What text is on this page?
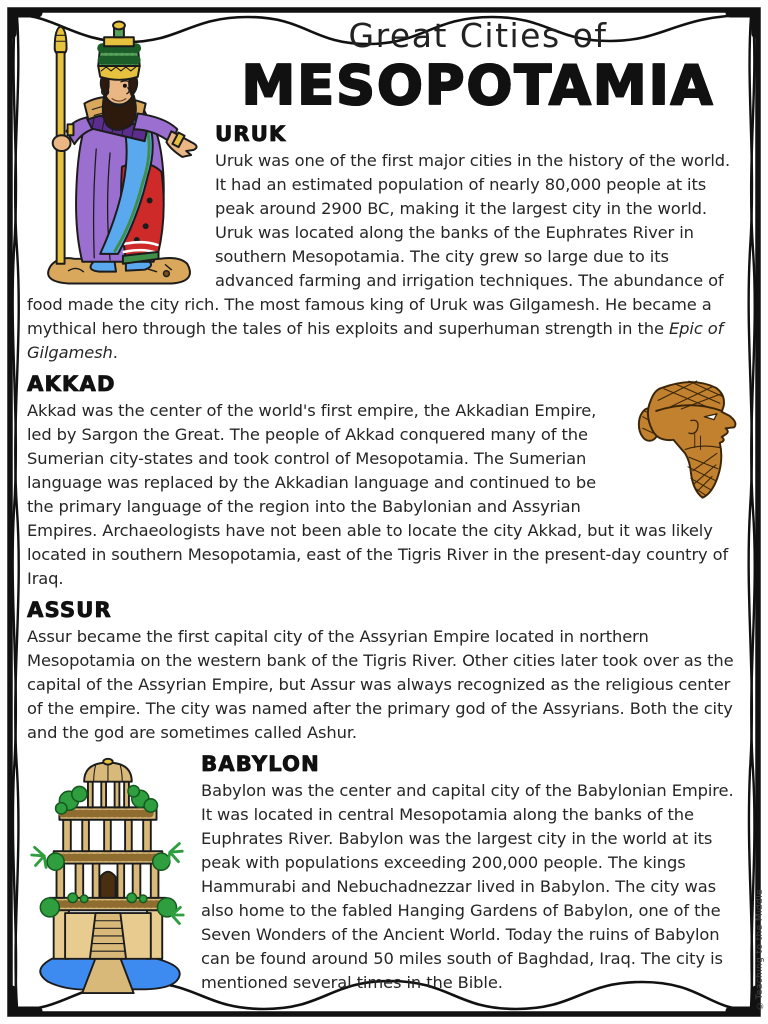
Great Cities of
MESOPOTAMIA
URUK

Uruk was one of the first major cities in the history of the world. It had an estimated population of nearly 80,000 people at its peak around 2900 BC, making it the largest city in the world. Uruk was located along the banks of the Euphrates River in southern Mesopotamia. The city grew so large due to its advanced farming and irrigation techniques. The abundance of food made the city rich. The most famous king of Uruk was Gilgamesh. He became a mythical hero through the tales of his exploits and superhuman strength in the Epic of Gilgamesh.

AKKAD

Akkad was the center of the world's first empire, the Akkadian Empire, led by Sargon the Great. The people of Akkad conquered many of the Sumerian city-states and took control of Mesopotamia. The Sumerian language was replaced by the Akkadian language and continued to be the primary language of the region into the Babylonian and Assyrian Empires. Archaeologists have not been able to locate the city Akkad, but it was likely located in southern Mesopotamia, east of the Tigris River in the present-day country of Iraq.

ASSUR

Assur became the first capital city of the Assyrian Empire located in northern Mesopotamia on the western bank of the Tigris River. Other cities later took over as the capital of the Assyrian Empire, but Assur was always recognized as the religious center of the empire. The city was named after the primary god of the Assyrians. Both the city and the god are sometimes called Ashur.

BABYLON

Babylon was the center and capital city of the Babylonian Empire. It was located in central Mesopotamia along the banks of the Euphrates River. Babylon was the largest city in the world at its peak with populations exceeding 200,000 people. The kings Hammurabi and Nebuchadnezzar lived in Babylon. The city was also home to the fabled Hanging Gardens of Babylon, one of the Seven Wonders of the Ancient World. Today the ruins of Babylon can be found around 50 miles south of Baghdad, Iraq. The city is mentioned several times in the Bible.	©Teaching to the Middle
